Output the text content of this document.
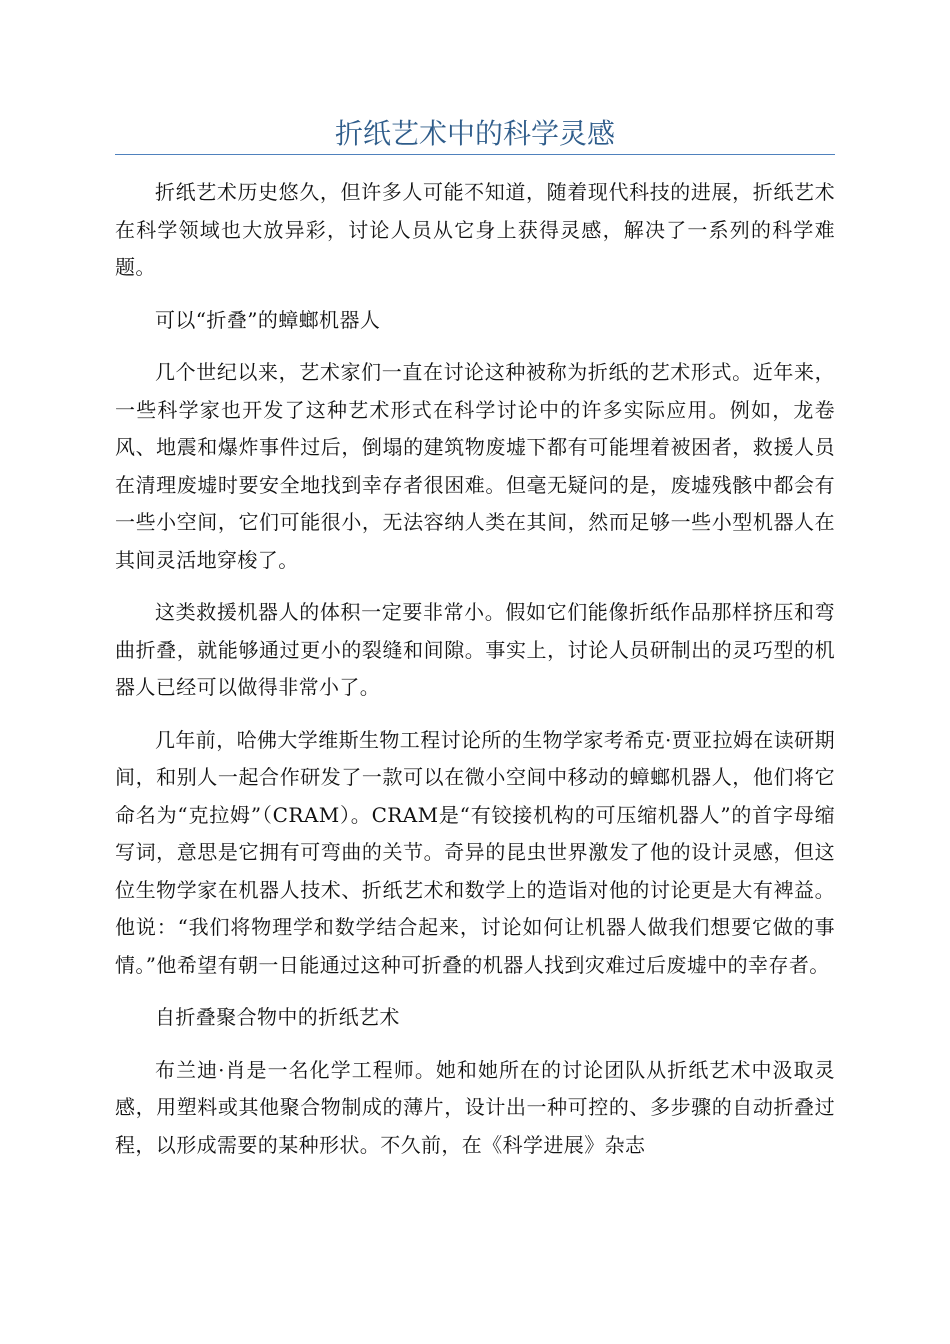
折纸艺术中的科学灵感

折纸艺术历史悠久，但许多人可能不知道，随着现代科技的进展，折纸艺术在科学领域也大放异彩，讨论人员从它身上获得灵感，解决了一系列的科学难题。

可以“折叠”的蟑螂机器人

几个世纪以来，艺术家们一直在讨论这种被称为折纸的艺术形式。近年来，一些科学家也开发了这种艺术形式在科学讨论中的许多实际应用。例如，龙卷风、地震和爆炸事件过后，倒塌的建筑物废墟下都有可能埋着被困者，救援人员在清理废墟时要安全地找到幸存者很困难。但毫无疑问的是，废墟残骸中都会有一些小空间，它们可能很小，无法容纳人类在其间，然而足够一些小型机器人在其间灵活地穿梭了。

这类救援机器人的体积一定要非常小。假如它们能像折纸作品那样挤压和弯曲折叠，就能够通过更小的裂缝和间隙。事实上，讨论人员研制出的灵巧型的机器人已经可以做得非常小了。

几年前，哈佛大学维斯生物工程讨论所的生物学家考希克·贾亚拉姆在读研期间，和别人一起合作研发了一款可以在微小空间中移动的蟑螂机器人，他们将它命名为“克拉姆”（CRAM）。CRAM是“有铰接机构的可压缩机器人”的首字母缩写词，意思是它拥有可弯曲的关节。奇异的昆虫世界激发了他的设计灵感，但这位生物学家在机器人技术、折纸艺术和数学上的造诣对他的讨论更是大有裨益。他说：“我们将物理学和数学结合起来，讨论如何让机器人做我们想要它做的事情。”他希望有朝一日能通过这种可折叠的机器人找到灾难过后废墟中的幸存者。

自折叠聚合物中的折纸艺术

布兰迪·肖是一名化学工程师。她和她所在的讨论团队从折纸艺术中汲取灵感，用塑料或其他聚合物制成的薄片，设计出一种可控的、多步骤的自动折叠过程，以形成需要的某种形状。不久前，在《科学进展》杂志
